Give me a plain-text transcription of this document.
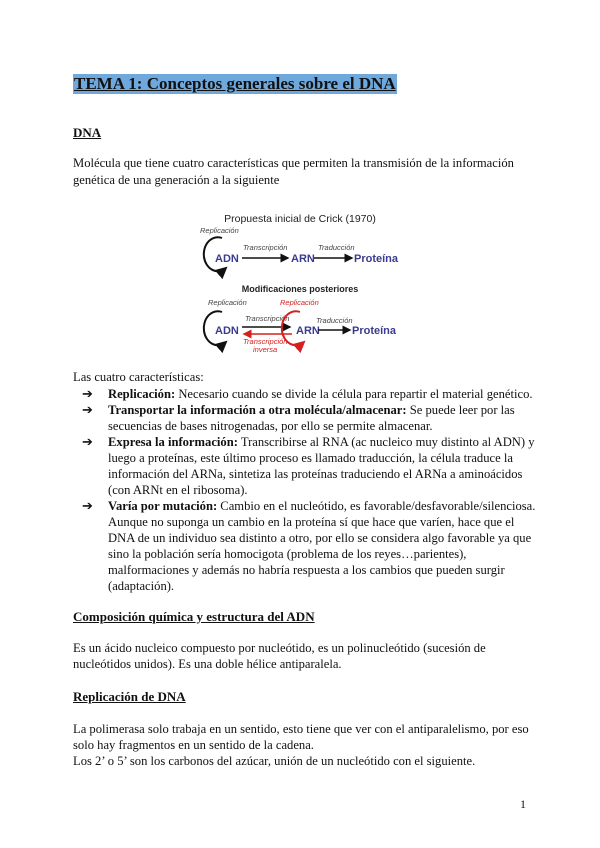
TEMA 1: Conceptos generales sobre el DNA
DNA
Molécula que tiene cuatro características que permiten la transmisión de la información
genética de una generación a la siguiente
Propuesta inicial de Crick (1970)
Replicación
ADN
Transcripción
ARN
Traducción
Proteína
Modificaciones posteriores
Replicación
ADN
Transcripción
Transcripción
inversa
Replicación
ARN
Traducción
Proteína
Las cuatro características:
➔ Replicación: Necesario cuando se divide la célula para repartir el material genético.
➔ Transportar la información a otra molécula/almacenar: Se puede leer por las
secuencias de bases nitrogenadas, por ello se permite almacenar.
➔ Expresa la información: Transcribirse al RNA (ac nucleico muy distinto al ADN) y
luego a proteínas, este último proceso es llamado traducción, la célula traduce la
información del ARNa, sintetiza las proteínas traduciendo el ARNa a aminoácidos
(con ARNt en el ribosoma).
➔ Varía por mutación: Cambio en el nucleótido, es favorable/desfavorable/silenciosa.
Aunque no suponga un cambio en la proteína sí que hace que varíen, hace que el
DNA de un individuo sea distinto a otro, por ello se considera algo favorable ya que
sino la población sería homocigota (problema de los reyes…parientes),
malformaciones y además no habría respuesta a los cambios que pueden surgir
(adaptación).
Composición química y estructura del ADN
Es un ácido nucleico compuesto por nucleótido, es un polinucleótido (sucesión de
nucleótidos unidos). Es una doble hélice antiparalela.
Replicación de DNA
La polimerasa solo trabaja en un sentido, esto tiene que ver con el antiparalelismo, por eso
solo hay fragmentos en un sentido de la cadena.
Los 2’ o 5’ son los carbonos del azúcar, unión de un nucleótido con el siguiente.
1
